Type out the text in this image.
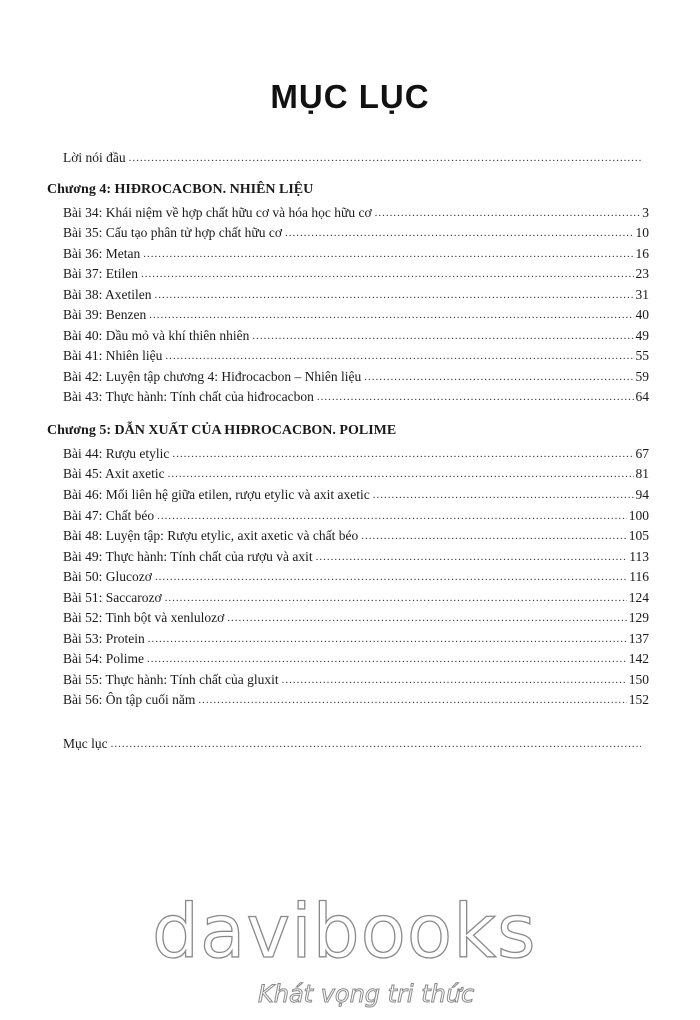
MỤC LỤC
Lời nói đầu
.....
Chương 4: HIĐROCACBON. NHIÊN LIỆU
Bài 34: Khái niệm về hợp chất hữu cơ và hóa học hữu cơ .....	3
Bài 35: Cấu tạo phân tử hợp chất hữu cơ .....	10
Bài 36: Metan .....	16
Bài 37: Etilen .....	23
Bài 38: Axetilen .....	31
Bài 39: Benzen .....	40
Bài 40: Dầu mỏ và khí thiên nhiên .....	49
Bài 41: Nhiên liệu .....	55
Bài 42: Luyện tập chương 4: Hiđrocacbon – Nhiên liệu .....	59
Bài 43: Thực hành: Tính chất của hiđrocacbon .....	64
Chương 5: DẪN XUẤT CỦA HIĐROCACBON. POLIME
Bài 44: Rượu etylic .....	67
Bài 45: Axit axetic .....	81
Bài 46: Mối liên hệ giữa etilen, rượu etylic và axit axetic .....	94
Bài 47: Chất béo .....	100
Bài 48: Luyện tập: Rượu etylic, axit axetic và chất béo .....	105
Bài 49: Thực hành: Tính chất của rượu và axit .....	113
Bài 50: Glucozơ .....	116
Bài 51: Saccarozơ .....	124
Bài 52: Tinh bột và xenlulozơ .....	129
Bài 53: Protein .....	137
Bài 54: Polime .....	142
Bài 55: Thực hành: Tính chất của gluxit .....	150
Bài 56: Ôn tập cuối năm .....	152
Mục lục
.....
davibooks
Khát vọng tri thức
